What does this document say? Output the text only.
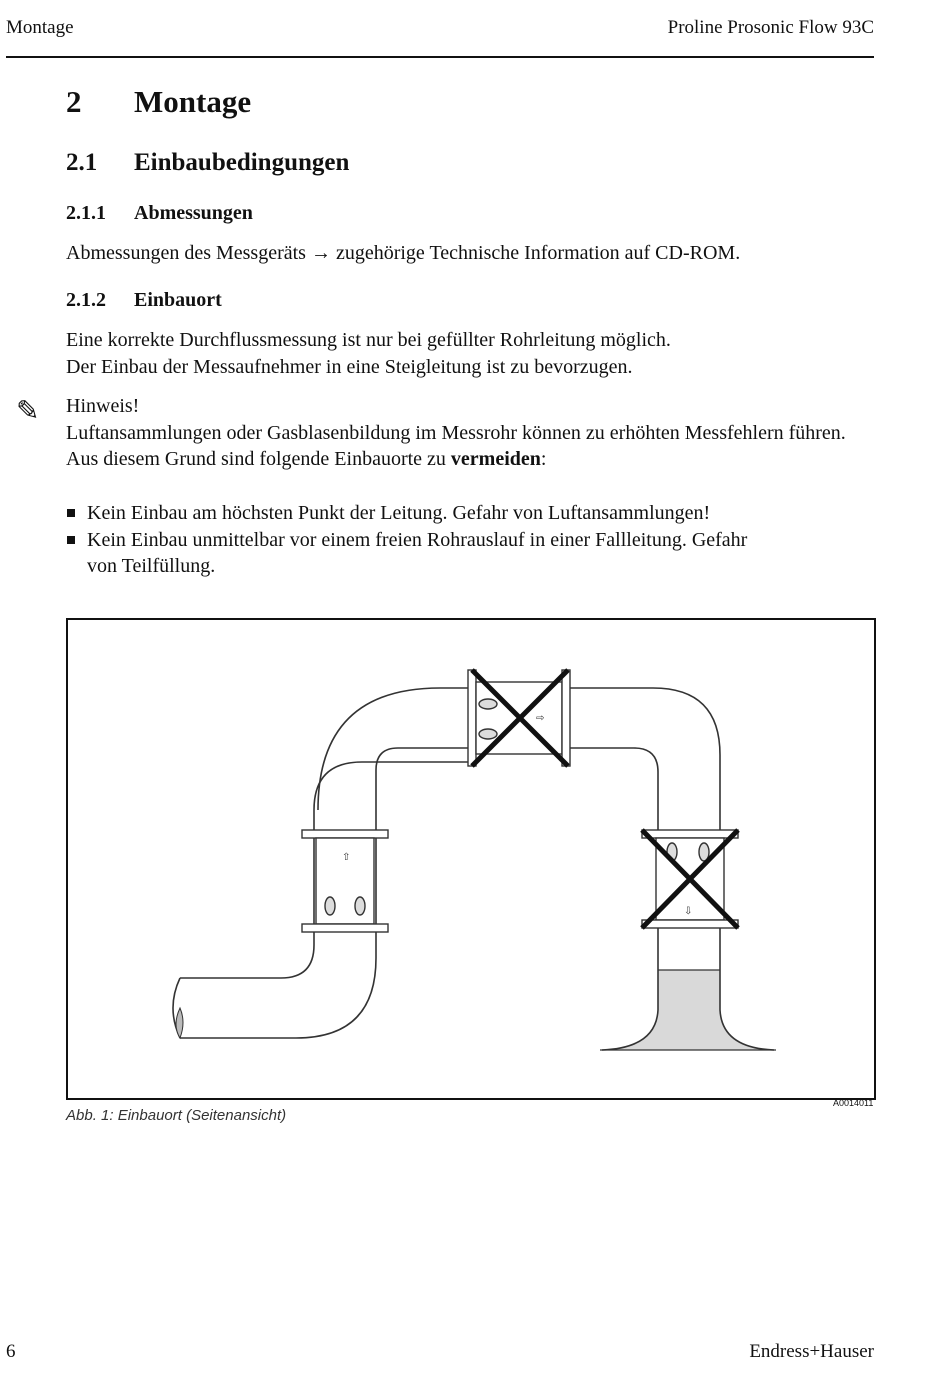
Montage	Proline Prosonic Flow 93C
2 Montage
2.1 Einbaubedingungen
2.1.1 Abmessungen
Abmessungen des Messgeräts → zugehörige Technische Information auf CD-ROM.
2.1.2 Einbauort
Eine korrekte Durchflussmessung ist nur bei gefüllter Rohrleitung möglich.
Der Einbau der Messaufnehmer in eine Steigleitung ist zu bevorzugen.
✎ Hinweis!
Luftansammlungen oder Gasblasenbildung im Messrohr können zu erhöhten Messfehlern führen.
Aus diesem Grund sind folgende Einbauorte zu vermeiden:
Kein Einbau am höchsten Punkt der Leitung. Gefahr von Luftansammlungen!
Kein Einbau unmittelbar vor einem freien Rohrauslauf in einer Fallleitung. Gefahr von Teilfüllung.
⇧
⇨
⇩
A0014011
Abb. 1: Einbauort (Seitenansicht)
6	Endress+Hauser
